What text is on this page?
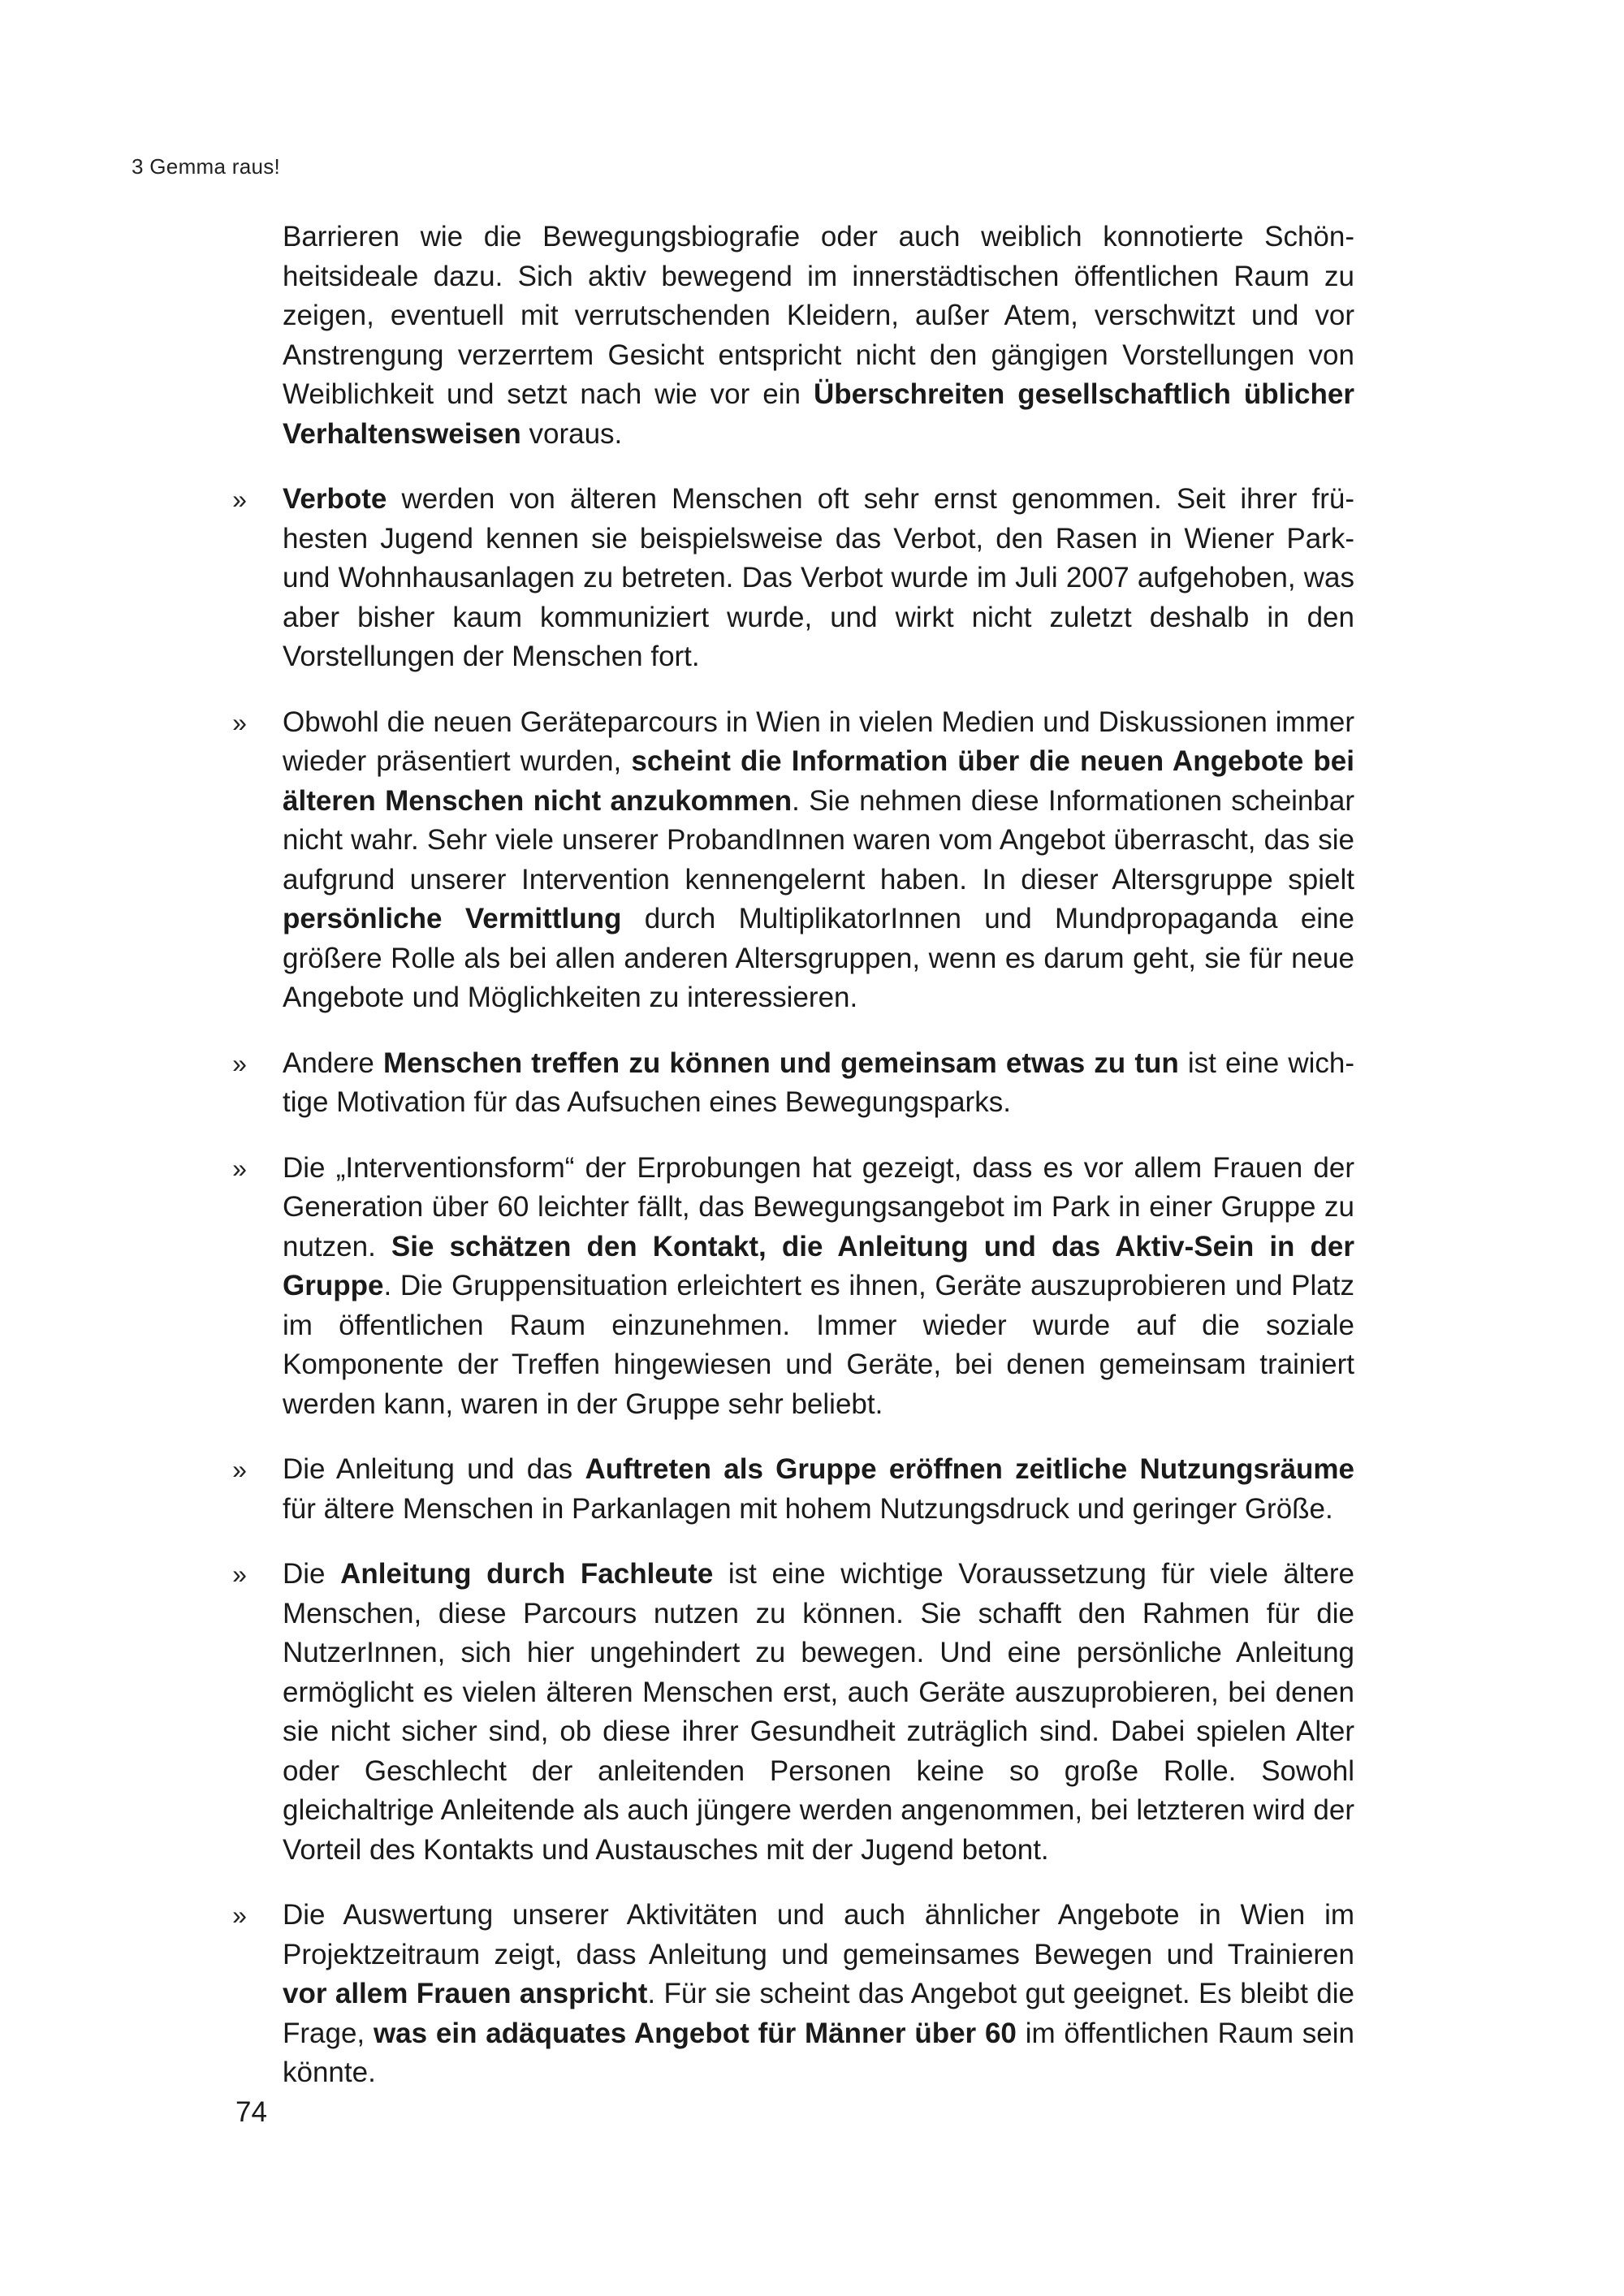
3 Gemma raus!

Barrieren wie die Bewegungsbiografie oder auch weiblich konnotierte Schönheitsideale dazu. Sich aktiv bewegend im innerstädtischen öffentlichen Raum zu zeigen, eventuell mit verrutschenden Kleidern, außer Atem, verschwitzt und vor Anstrengung verzerrtem Gesicht entspricht nicht den gängigen Vorstellungen von Weiblichkeit und setzt nach wie vor ein Überschreiten gesellschaftlich üblicher Verhaltensweisen voraus.

» Verbote werden von älteren Menschen oft sehr ernst genommen. Seit ihrer frühesten Jugend kennen sie beispielsweise das Verbot, den Rasen in Wiener Park- und Wohnhausanlagen zu betreten. Das Verbot wurde im Juli 2007 aufgehoben, was aber bisher kaum kommuniziert wurde, und wirkt nicht zuletzt deshalb in den Vorstellungen der Menschen fort.

» Obwohl die neuen Geräteparcours in Wien in vielen Medien und Diskussionen immer wieder präsentiert wurden, scheint die Information über die neuen Angebote bei älteren Menschen nicht anzukommen. Sie nehmen diese Informationen scheinbar nicht wahr. Sehr viele unserer ProbandInnen waren vom Angebot überrascht, das sie aufgrund unserer Intervention kennengelernt haben. In dieser Altersgruppe spielt persönliche Vermittlung durch MultiplikatorInnen und Mundpropaganda eine größere Rolle als bei allen anderen Altersgruppen, wenn es darum geht, sie für neue Angebote und Möglichkeiten zu interessieren.

» Andere Menschen treffen zu können und gemeinsam etwas zu tun ist eine wichtige Motivation für das Aufsuchen eines Bewegungsparks.

» Die „Interventionsform“ der Erprobungen hat gezeigt, dass es vor allem Frauen der Generation über 60 leichter fällt, das Bewegungsangebot im Park in einer Gruppe zu nutzen. Sie schätzen den Kontakt, die Anleitung und das Aktiv-Sein in der Gruppe. Die Gruppensituation erleichtert es ihnen, Geräte auszuprobieren und Platz im öffentlichen Raum einzunehmen. Immer wieder wurde auf die soziale Komponente der Treffen hingewiesen und Geräte, bei denen gemeinsam trainiert werden kann, waren in der Gruppe sehr beliebt.

» Die Anleitung und das Auftreten als Gruppe eröffnen zeitliche Nutzungsräume für ältere Menschen in Parkanlagen mit hohem Nutzungsdruck und geringer Größe.

» Die Anleitung durch Fachleute ist eine wichtige Voraussetzung für viele ältere Menschen, diese Parcours nutzen zu können. Sie schafft den Rahmen für die NutzerInnen, sich hier ungehindert zu bewegen. Und eine persönliche Anleitung ermöglicht es vielen älteren Menschen erst, auch Geräte auszuprobieren, bei denen sie nicht sicher sind, ob diese ihrer Gesundheit zuträglich sind. Dabei spielen Alter oder Geschlecht der anleitenden Personen keine so große Rolle. Sowohl gleichaltrige Anleitende als auch jüngere werden angenommen, bei letzteren wird der Vorteil des Kontakts und Austausches mit der Jugend betont.

» Die Auswertung unserer Aktivitäten und auch ähnlicher Angebote in Wien im Projektzeitraum zeigt, dass Anleitung und gemeinsames Bewegen und Trainieren vor allem Frauen anspricht. Für sie scheint das Angebot gut geeignet. Es bleibt die Frage, was ein adäquates Angebot für Männer über 60 im öffentlichen Raum sein könnte.

74
